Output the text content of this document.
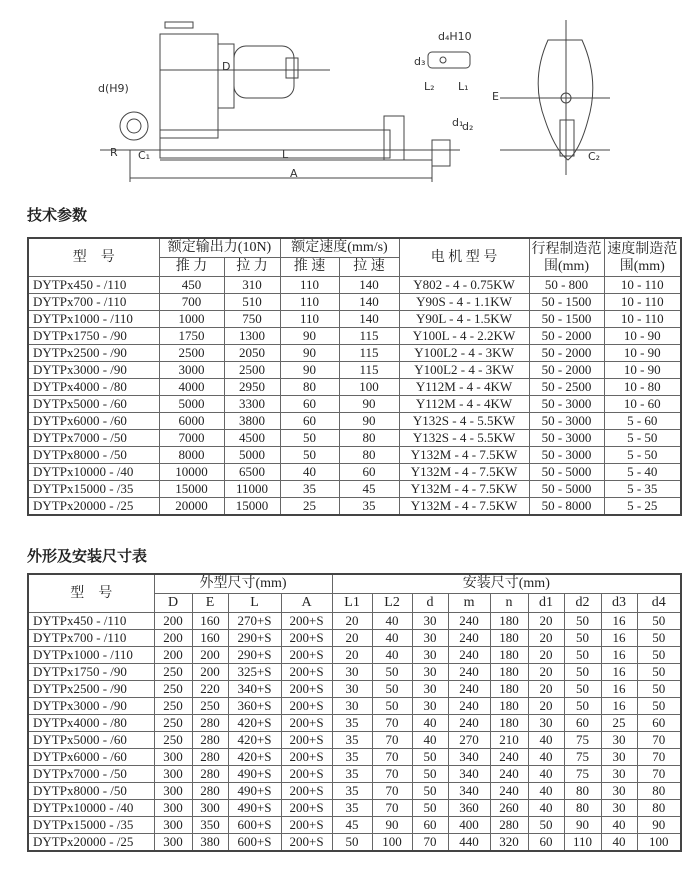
d(H9)
R C₁
D
L
A
d₄H10
d₃
L₂ L₁
d₁
d₂
E
C₂
技术参数
型　号	额定输出力(10N)		额定速度(mm/s)		电 机 型 号	行程制造范围(mm)	速度制造范围(mm)
	推 力	拉 力	推 速	拉 速			
DYTPx450 - /110	450	310	110	140	Y802 - 4 - 0.75KW	50 - 800	10 - 110
DYTPx700 - /110	700	510	110	140	Y90S - 4 - 1.1KW	50 - 1500	10 - 110
DYTPx1000 - /110	1000	750	110	140	Y90L - 4 - 1.5KW	50 - 1500	10 - 110
DYTPx1750 - /90	1750	1300	90	115	Y100L - 4 - 2.2KW	50 - 2000	10 - 90
DYTPx2500 - /90	2500	2050	90	115	Y100L2 - 4 - 3KW	50 - 2000	10 - 90
DYTPx3000 - /90	3000	2500	90	115	Y100L2 - 4 - 3KW	50 - 2000	10 - 90
DYTPx4000 - /80	4000	2950	80	100	Y112M - 4 - 4KW	50 - 2500	10 - 80
DYTPx5000 - /60	5000	3300	60	90	Y112M - 4 - 4KW	50 - 3000	10 - 60
DYTPx6000 - /60	6000	3800	60	90	Y132S - 4 - 5.5KW	50 - 3000	5 - 60
DYTPx7000 - /50	7000	4500	50	80	Y132S - 4 - 5.5KW	50 - 3000	5 - 50
DYTPx8000 - /50	8000	5000	50	80	Y132M - 4 - 7.5KW	50 - 3000	5 - 50
DYTPx10000 - /40	10000	6500	40	60	Y132M - 4 - 7.5KW	50 - 5000	5 - 40
DYTPx15000 - /35	15000	11000	35	45	Y132M - 4 - 7.5KW	50 - 5000	5 - 35
DYTPx20000 - /25	20000	15000	25	35	Y132M - 4 - 7.5KW	50 - 8000	5 - 25
外形及安装尺寸表
型　号	外型尺寸(mm)				安装尺寸(mm)								
	D	E	L	A	L1	L2	d	m	n	d1	d2	d3	d4
DYTPx450 - /110	200	160	270+S	200+S	20	40	30	240	180	20	50	16	50
DYTPx700 - /110	200	160	290+S	200+S	20	40	30	240	180	20	50	16	50
DYTPx1000 - /110	200	200	290+S	200+S	20	40	30	240	180	20	50	16	50
DYTPx1750 - /90	250	200	325+S	200+S	30	50	30	240	180	20	50	16	50
DYTPx2500 - /90	250	220	340+S	200+S	30	50	30	240	180	20	50	16	50
DYTPx3000 - /90	250	250	360+S	200+S	30	50	30	240	180	20	50	16	50
DYTPx4000 - /80	250	280	420+S	200+S	35	70	40	240	180	30	60	25	60
DYTPx5000 - /60	250	280	420+S	200+S	35	70	40	270	210	40	75	30	70
DYTPx6000 - /60	300	280	420+S	200+S	35	70	50	340	240	40	75	30	70
DYTPx7000 - /50	300	280	490+S	200+S	35	70	50	340	240	40	75	30	70
DYTPx8000 - /50	300	280	490+S	200+S	35	70	50	340	240	40	80	30	80
DYTPx10000 - /40	300	300	490+S	200+S	35	70	50	360	260	40	80	30	80
DYTPx15000 - /35	300	350	600+S	200+S	45	90	60	400	280	50	90	40	90
DYTPx20000 - /25	300	380	600+S	200+S	50	100	70	440	320	60	110	40	100
